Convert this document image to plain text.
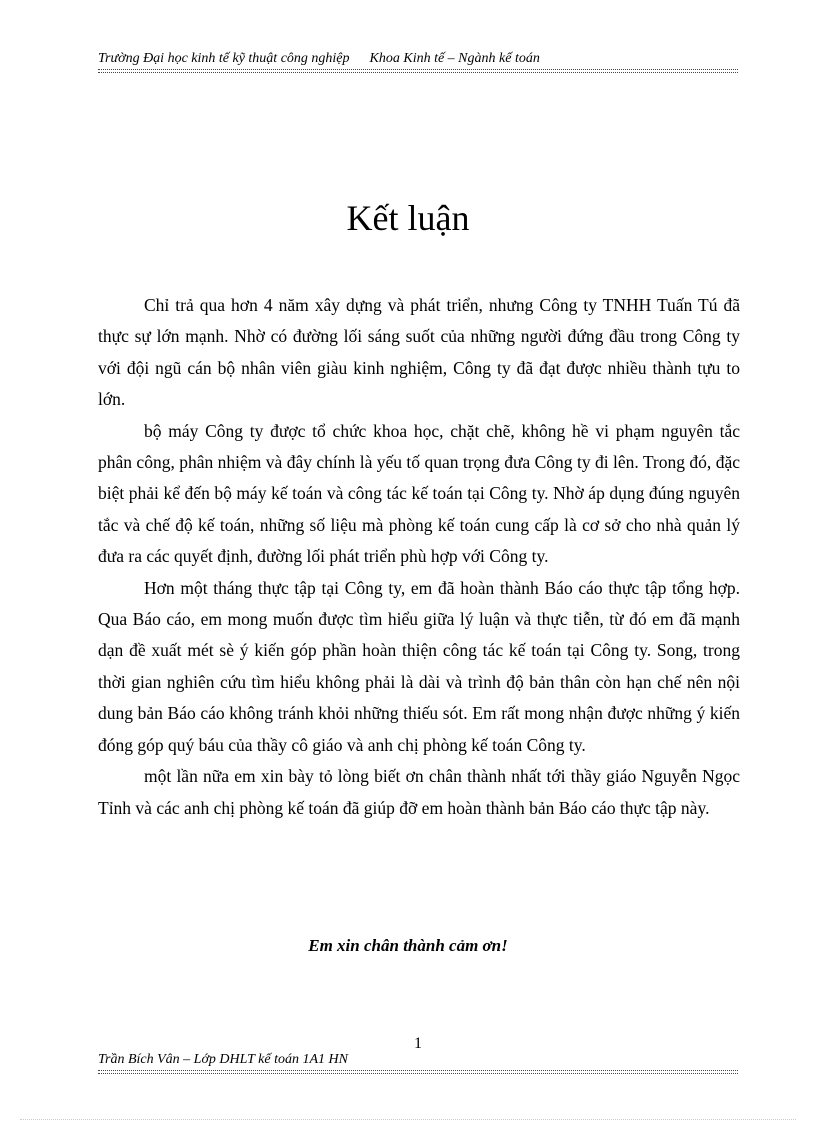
Trường Đại học kinh tế kỹ thuật công nghiệp Khoa Kinh tế – Ngành kế toán
Kết luận

Chỉ trả qua hơn 4 năm xây dựng và phát triển, nhưng Công ty TNHH Tuấn Tú đã thực sự lớn mạnh. Nhờ có đường lối sáng suốt của những người đứng đầu trong Công ty với đội ngũ cán bộ nhân viên giàu kinh nghiệm, Công ty đã đạt được nhiều thành tựu to lớn.

bộ máy Công ty được tổ chức khoa học, chặt chẽ, không hề vi phạm nguyên tắc phân công, phân nhiệm và đây chính là yếu tố quan trọng đưa Công ty đi lên. Trong đó, đặc biệt phải kể đến bộ máy kế toán và công tác kế toán tại Công ty. Nhờ áp dụng đúng nguyên tắc và chế độ kế toán, những số liệu mà phòng kế toán cung cấp là cơ sở cho nhà quản lý đưa ra các quyết định, đường lối phát triển phù hợp với Công ty.

Hơn một tháng thực tập tại Công ty, em đã hoàn thành Báo cáo thực tập tổng hợp. Qua Báo cáo, em mong muốn được tìm hiểu giữa lý luận và thực tiễn, từ đó em đã mạnh dạn đề xuất mét sè ý kiến góp phần hoàn thiện công tác kế toán tại Công ty. Song, trong thời gian nghiên cứu tìm hiểu không phải là dài và trình độ bản thân còn hạn chế nên nội dung bản Báo cáo không tránh khỏi những thiếu sót. Em rất mong nhận được những ý kiến đóng góp quý báu của thầy cô giáo và anh chị phòng kế toán Công ty.

một lần nữa em xin bày tỏ lòng biết ơn chân thành nhất tới thầy giáo Nguyễn Ngọc Tỉnh và các anh chị phòng kế toán đã giúp đỡ em hoàn thành bản Báo cáo thực tập này.

Em xin chân thành cảm ơn!
1
Trần Bích Vân – Lớp DHLT kế toán 1A1 HN
